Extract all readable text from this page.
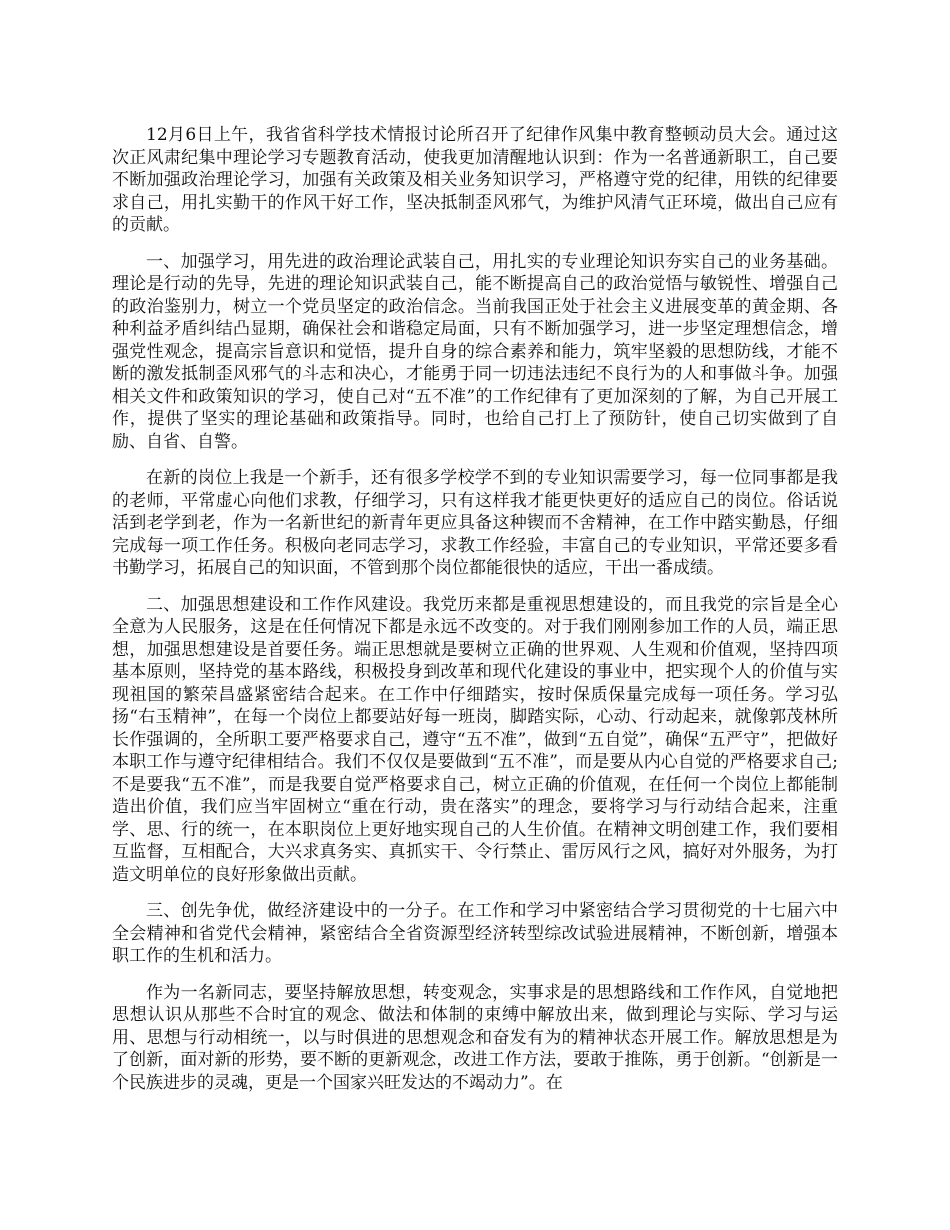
12月6日上午，我省省科学技术情报讨论所召开了纪律作风集中教育整顿动员大会。通过这次正风肃纪集中理论学习专题教育活动，使我更加清醒地认识到：作为一名普通新职工，自己要不断加强政治理论学习，加强有关政策及相关业务知识学习，严格遵守党的纪律，用铁的纪律要求自己，用扎实勤干的作风干好工作，坚决抵制歪风邪气，为维护风清气正环境，做出自己应有的贡献。

一、加强学习，用先进的政治理论武装自己，用扎实的专业理论知识夯实自己的业务基础。理论是行动的先导，先进的理论知识武装自己，能不断提高自己的政治觉悟与敏锐性、增强自己的政治鉴别力，树立一个党员坚定的政治信念。当前我国正处于社会主义进展变革的黄金期、各种利益矛盾纠结凸显期，确保社会和谐稳定局面，只有不断加强学习，进一步坚定理想信念，增强党性观念，提高宗旨意识和觉悟，提升自身的综合素养和能力，筑牢坚毅的思想防线，才能不断的激发抵制歪风邪气的斗志和决心，才能勇于同一切违法违纪不良行为的人和事做斗争。加强相关文件和政策知识的学习，使自己对“五不准”的工作纪律有了更加深刻的了解，为自己开展工作，提供了坚实的理论基础和政策指导。同时，也给自己打上了预防针，使自己切实做到了自励、自省、自警。

在新的岗位上我是一个新手，还有很多学校学不到的专业知识需要学习，每一位同事都是我的老师，平常虚心向他们求教，仔细学习，只有这样我才能更快更好的适应自己的岗位。俗话说活到老学到老，作为一名新世纪的新青年更应具备这种锲而不舍精神，在工作中踏实勤恳，仔细完成每一项工作任务。积极向老同志学习，求教工作经验，丰富自己的专业知识，平常还要多看书勤学习，拓展自己的知识面，不管到那个岗位都能很快的适应，干出一番成绩。

二、加强思想建设和工作作风建设。我党历来都是重视思想建设的，而且我党的宗旨是全心全意为人民服务，这是在任何情况下都是永远不改变的。对于我们刚刚参加工作的人员，端正思想，加强思想建设是首要任务。端正思想就是要树立正确的世界观、人生观和价值观，坚持四项基本原则，坚持党的基本路线，积极投身到改革和现代化建设的事业中，把实现个人的价值与实现祖国的繁荣昌盛紧密结合起来。在工作中仔细踏实，按时保质保量完成每一项任务。学习弘扬“右玉精神”，在每一个岗位上都要站好每一班岗，脚踏实际，心动、行动起来，就像郭茂林所长作强调的，全所职工要严格要求自己，遵守“五不准”，做到“五自觉”，确保“五严守”，把做好本职工作与遵守纪律相结合。我们不仅仅是要做到“五不准”，而是要从内心自觉的严格要求自己;不是要我“五不准”，而是我要自觉严格要求自己，树立正确的价值观，在任何一个岗位上都能制造出价值，我们应当牢固树立“重在行动，贵在落实”的理念，要将学习与行动结合起来，注重学、思、行的统一，在本职岗位上更好地实现自己的人生价值。在精神文明创建工作，我们要相互监督，互相配合，大兴求真务实、真抓实干、令行禁止、雷厉风行之风，搞好对外服务，为打造文明单位的良好形象做出贡献。

三、创先争优，做经济建设中的一分子。在工作和学习中紧密结合学习贯彻党的十七届六中全会精神和省党代会精神，紧密结合全省资源型经济转型综改试验进展精神，不断创新，增强本职工作的生机和活力。

作为一名新同志，要坚持解放思想，转变观念，实事求是的思想路线和工作作风，自觉地把思想认识从那些不合时宜的观念、做法和体制的束缚中解放出来，做到理论与实际、学习与运用、思想与行动相统一，以与时俱进的思想观念和奋发有为的精神状态开展工作。解放思想是为了创新，面对新的形势，要不断的更新观念，改进工作方法，要敢于推陈，勇于创新。“创新是一个民族进步的灵魂，更是一个国家兴旺发达的不竭动力”。在
